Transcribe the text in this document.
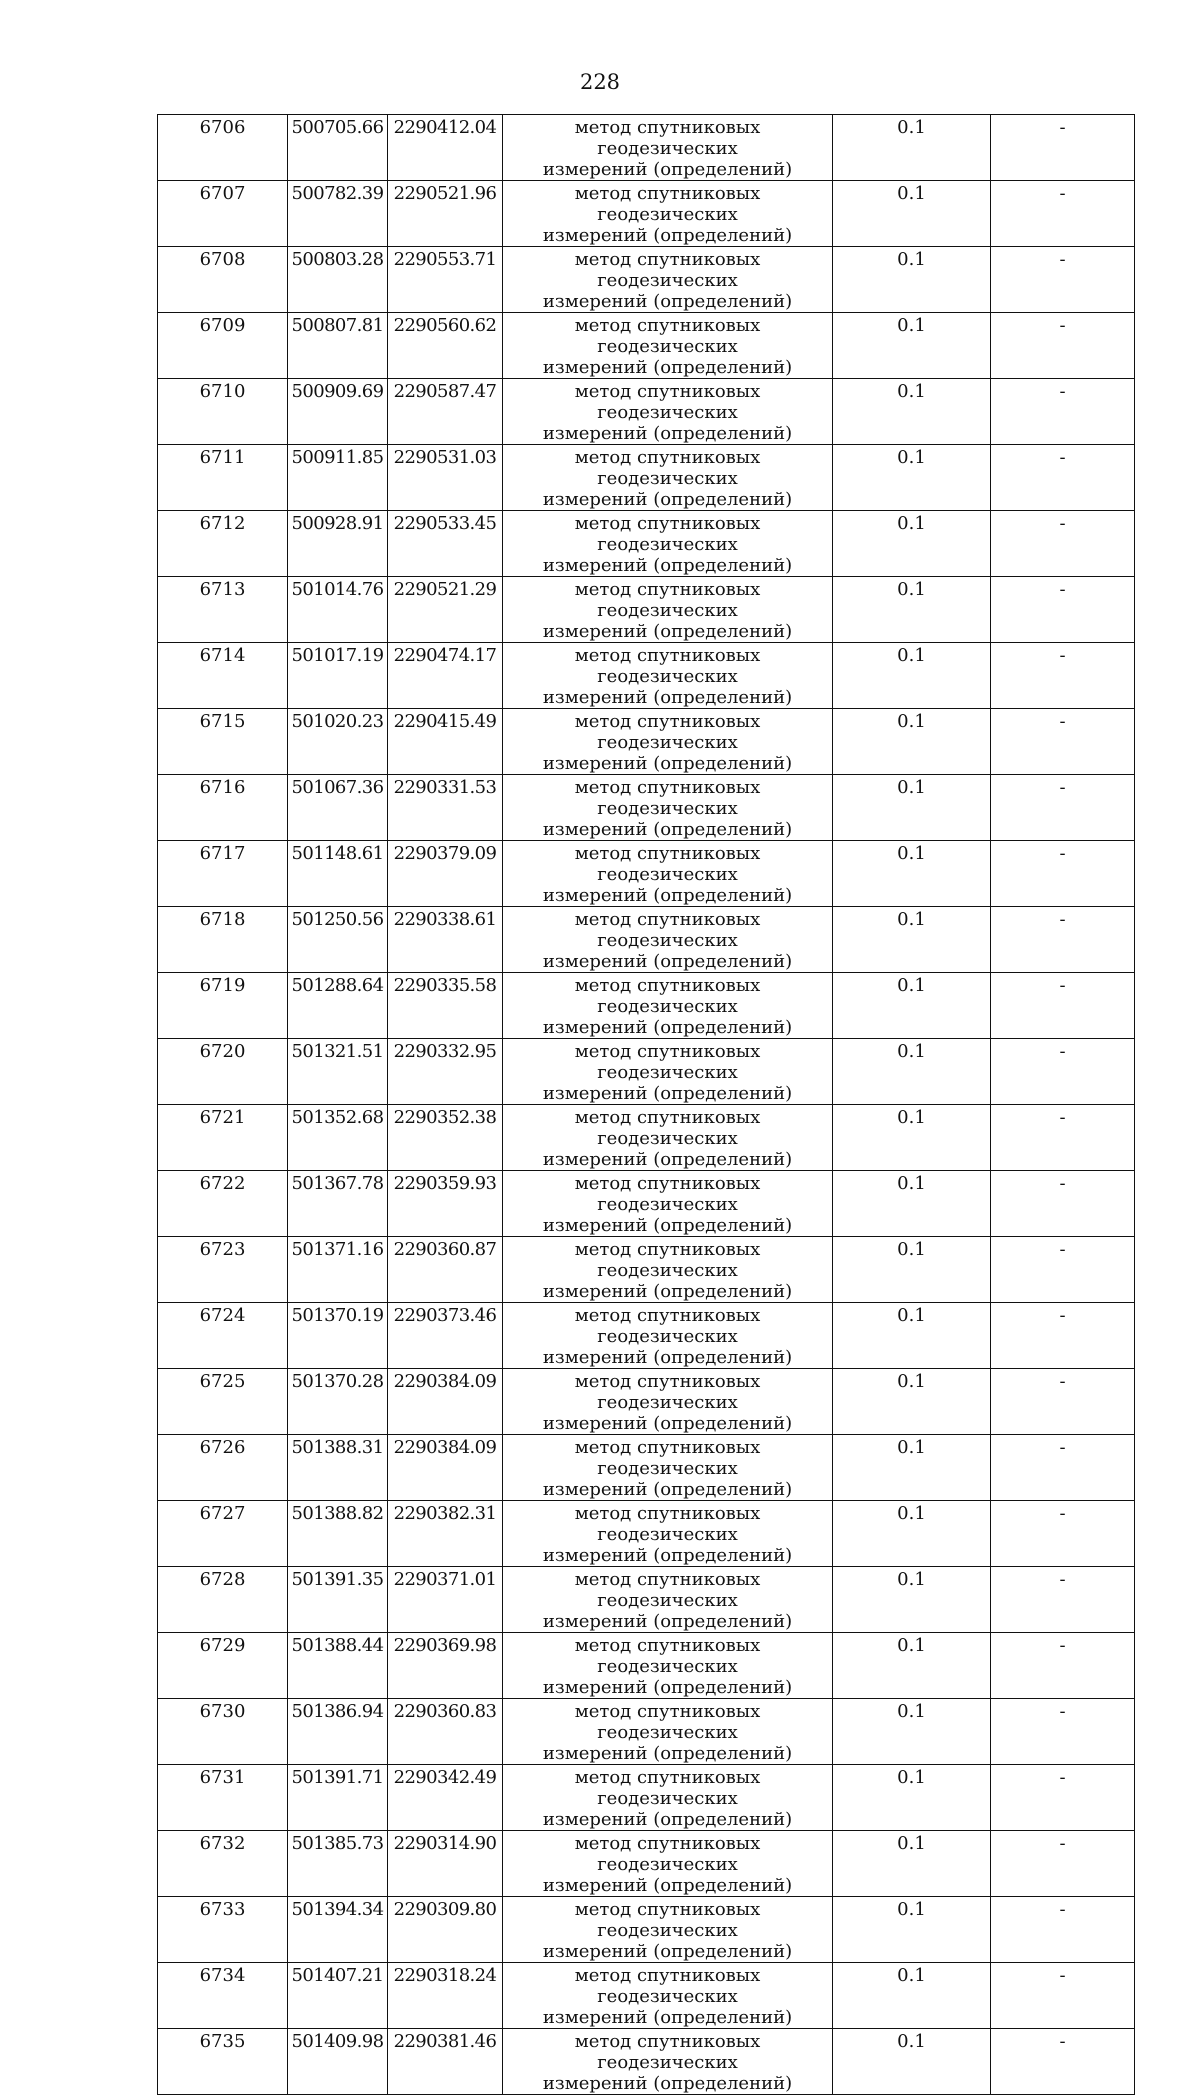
228
6706	500705.66	2290412.04	метод спутниковых геодезических
измерений (определений)	0.1	-

6707	500782.39	2290521.96	метод спутниковых геодезических
измерений (определений)	0.1	-

6708	500803.28	2290553.71	метод спутниковых геодезических
измерений (определений)	0.1	-

6709	500807.81	2290560.62	метод спутниковых геодезических
измерений (определений)	0.1	-

6710	500909.69	2290587.47	метод спутниковых геодезических
измерений (определений)	0.1	-

6711	500911.85	2290531.03	метод спутниковых геодезических
измерений (определений)	0.1	-

6712	500928.91	2290533.45	метод спутниковых геодезических
измерений (определений)	0.1	-

6713	501014.76	2290521.29	метод спутниковых геодезических
измерений (определений)	0.1	-

6714	501017.19	2290474.17	метод спутниковых геодезических
измерений (определений)	0.1	-

6715	501020.23	2290415.49	метод спутниковых геодезических
измерений (определений)	0.1	-

6716	501067.36	2290331.53	метод спутниковых геодезических
измерений (определений)	0.1	-

6717	501148.61	2290379.09	метод спутниковых геодезических
измерений (определений)	0.1	-

6718	501250.56	2290338.61	метод спутниковых геодезических
измерений (определений)	0.1	-

6719	501288.64	2290335.58	метод спутниковых геодезических
измерений (определений)	0.1	-

6720	501321.51	2290332.95	метод спутниковых геодезических
измерений (определений)	0.1	-

6721	501352.68	2290352.38	метод спутниковых геодезических
измерений (определений)	0.1	-

6722	501367.78	2290359.93	метод спутниковых геодезических
измерений (определений)	0.1	-

6723	501371.16	2290360.87	метод спутниковых геодезических
измерений (определений)	0.1	-

6724	501370.19	2290373.46	метод спутниковых геодезических
измерений (определений)	0.1	-

6725	501370.28	2290384.09	метод спутниковых геодезических
измерений (определений)	0.1	-

6726	501388.31	2290384.09	метод спутниковых геодезических
измерений (определений)	0.1	-

6727	501388.82	2290382.31	метод спутниковых геодезических
измерений (определений)	0.1	-

6728	501391.35	2290371.01	метод спутниковых геодезических
измерений (определений)	0.1	-

6729	501388.44	2290369.98	метод спутниковых геодезических
измерений (определений)	0.1	-

6730	501386.94	2290360.83	метод спутниковых геодезических
измерений (определений)	0.1	-

6731	501391.71	2290342.49	метод спутниковых геодезических
измерений (определений)	0.1	-

6732	501385.73	2290314.90	метод спутниковых геодезических
измерений (определений)	0.1	-

6733	501394.34	2290309.80	метод спутниковых геодезических
измерений (определений)	0.1	-

6734	501407.21	2290318.24	метод спутниковых геодезических
измерений (определений)	0.1	-

6735	501409.98	2290381.46	метод спутниковых геодезических
измерений (определений)	0.1	-
